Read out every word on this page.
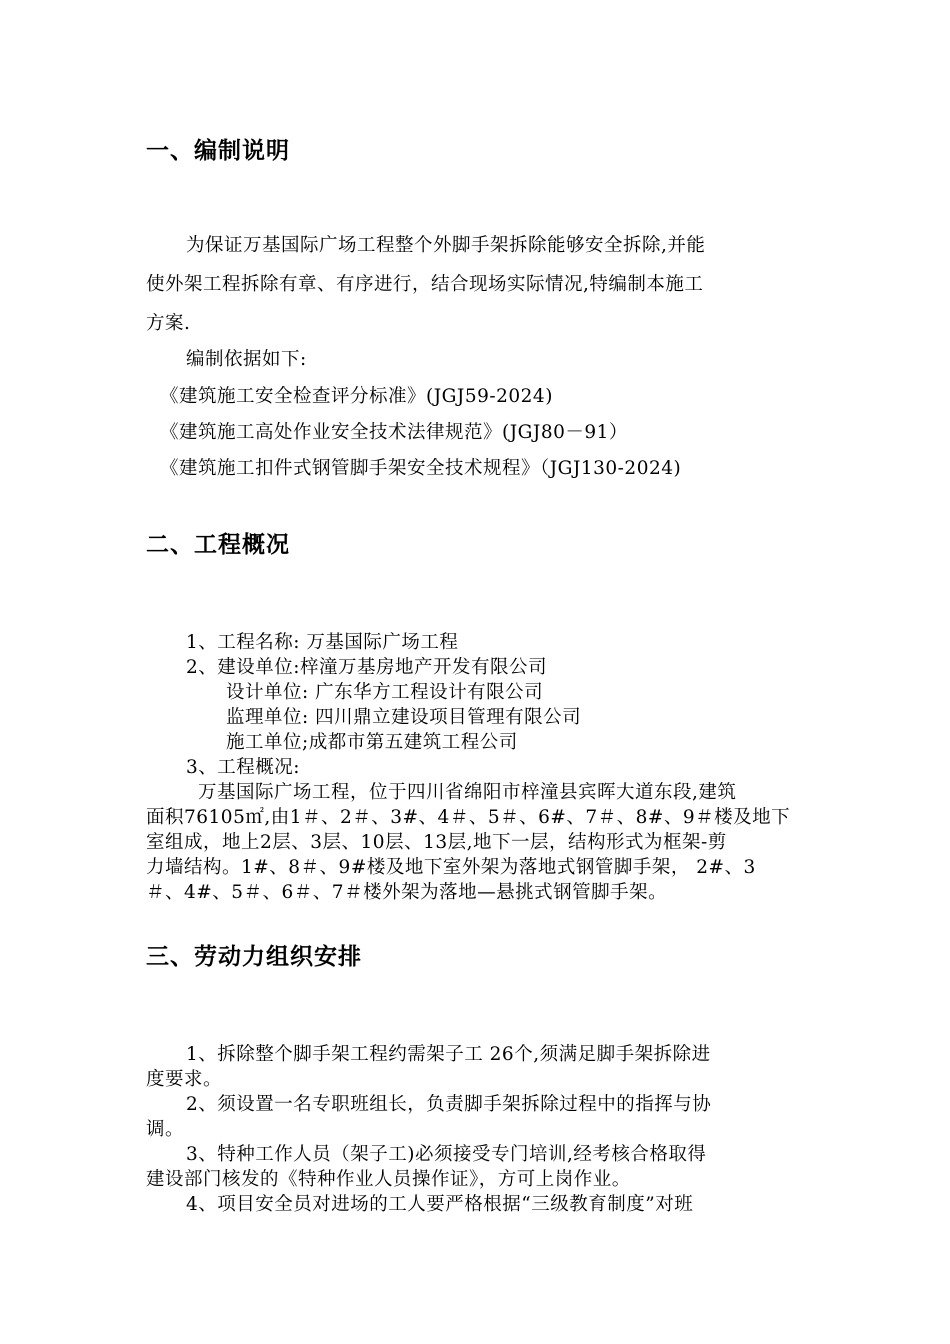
一、编制说明
为保证万基国际广场工程整个外脚手架拆除能够安全拆除,并能
使外架工程拆除有章、有序进行，结合现场实际情况,特编制本施工
方案.
编制依据如下:
《建筑施工安全检查评分标准》(JGJ59-2024)
《建筑施工高处作业安全技术法律规范》(JGJ80－91）
《建筑施工扣件式钢管脚手架安全技术规程》（JGJ130-2024)
二、工程概况
1、工程名称: 万基国际广场工程
2、建设单位:梓潼万基房地产开发有限公司
设计单位: 广东华方工程设计有限公司
监理单位: 四川鼎立建设项目管理有限公司
施工单位;成都市第五建筑工程公司
3、工程概况:
万基国际广场工程，位于四川省绵阳市梓潼县宾晖大道东段,建筑
面积76105㎡,由1＃、2＃、3#、4＃、5＃、6#、7＃、8#、9＃楼及地下
室组成，地上2层、3层、10层、13层,地下一层，结构形式为框架-剪
力墙结构。1#、8＃、9#楼及地下室外架为落地式钢管脚手架， 2#、3
＃、4#、5＃、6＃、7＃楼外架为落地—悬挑式钢管脚手架。
三、劳动力组织安排
1、拆除整个脚手架工程约需架子工 26个,须满足脚手架拆除进
度要求。
2、须设置一名专职班组长，负责脚手架拆除过程中的指挥与协
调。
3、特种工作人员（架子工)必须接受专门培训,经考核合格取得
建设部门核发的《特种作业人员操作证》，方可上岗作业。
4、项目安全员对进场的工人要严格根据“三级教育制度”对班
